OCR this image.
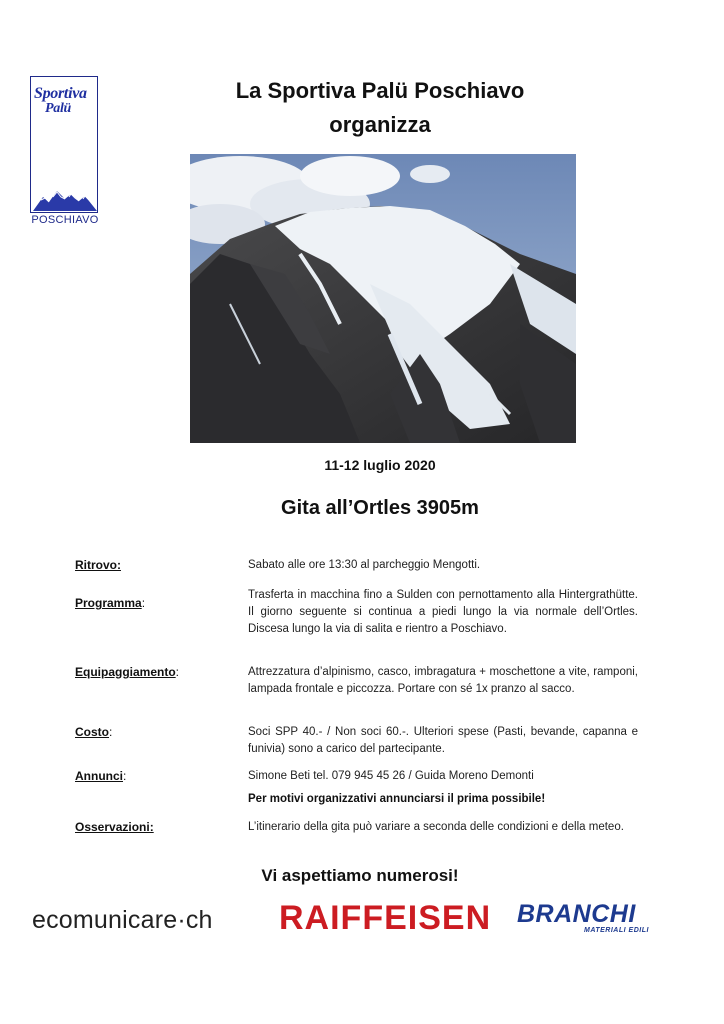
Sportiva
Palü
POSCHIAVO
La Sportiva Palü Poschiavo
organizza
11-12 luglio 2020
Gita all’Ortles 3905m
Ritrovo:	Sabato alle ore 13:30 al parcheggio Mengotti.
Programma:
Trasferta in macchina fino a Sulden con pernottamento alla Hintergrathütte. Il giorno seguente si continua a piedi lungo la via normale dell’Ortles. Discesa lungo la via di salita e rientro a Poschiavo.
Equipaggiamento:	Attrezzatura d’alpinismo, casco, imbragatura + moschettone a vite, ramponi, lampada frontale e piccozza. Portare con sé 1x pranzo al sacco.
Costo:	Soci SPP 40.- / Non soci 60.-. Ulteriori spese (Pasti, bevande, capanna e funivia) sono a carico del partecipante.
Annunci:	Simone Beti tel. 079 945 45 26 / Guida Moreno Demonti
Per motivi organizzativi annunciarsi il prima possibile!
Osservazioni:	L’itinerario della gita può variare a seconda delle condizioni e della meteo.
Vi aspettiamo numerosi!
ecomunicare·ch RAIFFEISEN BRANCHI
MATERIALI EDILI
